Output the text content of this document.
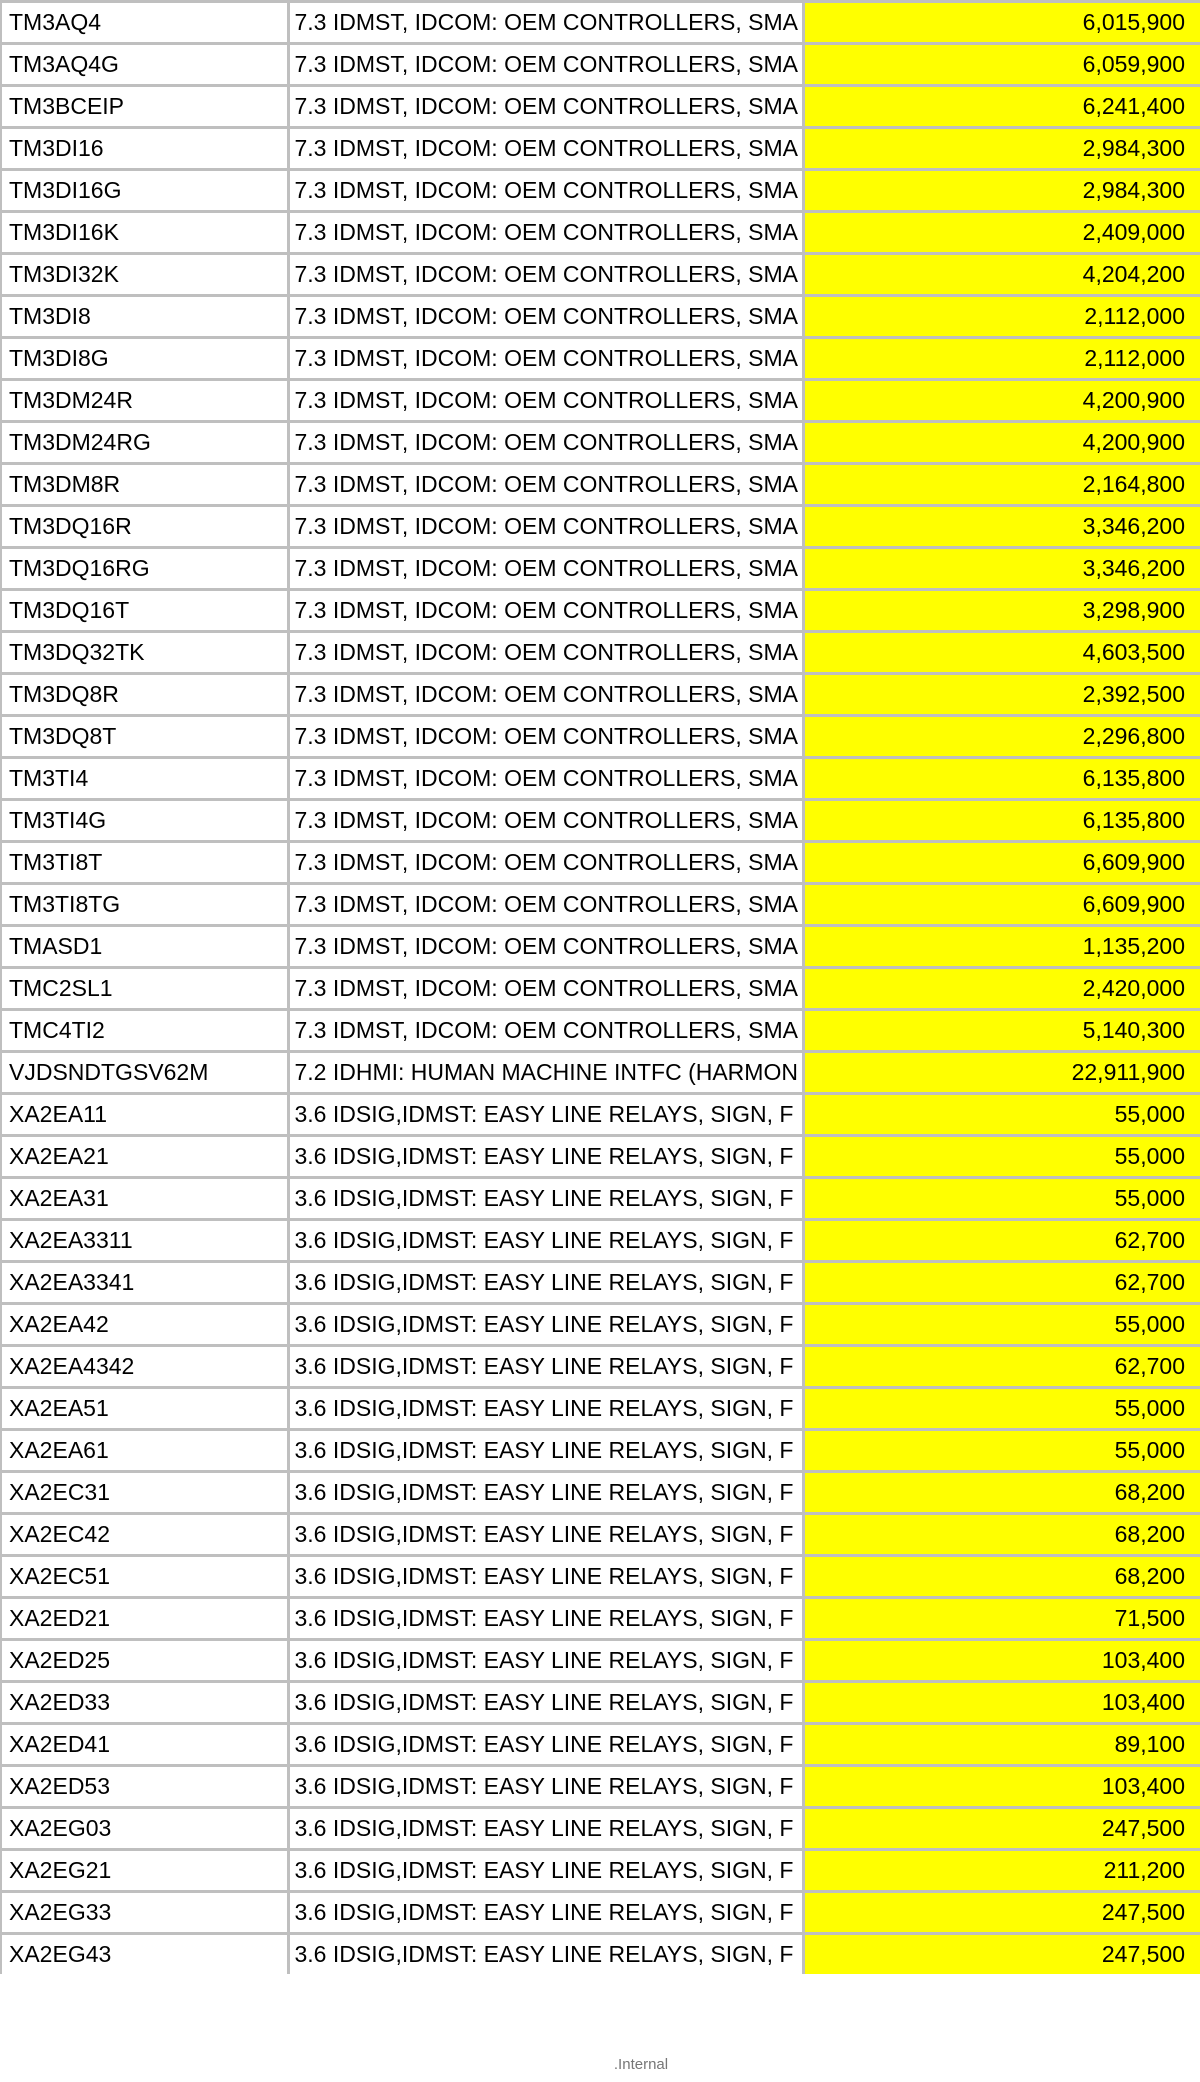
TM3AQ4	7.3 IDMST, IDCOM: OEM CONTROLLERS, SMA	6,015,900
TM3AQ4G	7.3 IDMST, IDCOM: OEM CONTROLLERS, SMA	6,059,900
TM3BCEIP	7.3 IDMST, IDCOM: OEM CONTROLLERS, SMA	6,241,400
TM3DI16	7.3 IDMST, IDCOM: OEM CONTROLLERS, SMA	2,984,300
TM3DI16G	7.3 IDMST, IDCOM: OEM CONTROLLERS, SMA	2,984,300
TM3DI16K	7.3 IDMST, IDCOM: OEM CONTROLLERS, SMA	2,409,000
TM3DI32K	7.3 IDMST, IDCOM: OEM CONTROLLERS, SMA	4,204,200
TM3DI8	7.3 IDMST, IDCOM: OEM CONTROLLERS, SMA	2,112,000
TM3DI8G	7.3 IDMST, IDCOM: OEM CONTROLLERS, SMA	2,112,000
TM3DM24R	7.3 IDMST, IDCOM: OEM CONTROLLERS, SMA	4,200,900
TM3DM24RG	7.3 IDMST, IDCOM: OEM CONTROLLERS, SMA	4,200,900
TM3DM8R	7.3 IDMST, IDCOM: OEM CONTROLLERS, SMA	2,164,800
TM3DQ16R	7.3 IDMST, IDCOM: OEM CONTROLLERS, SMA	3,346,200
TM3DQ16RG	7.3 IDMST, IDCOM: OEM CONTROLLERS, SMA	3,346,200
TM3DQ16T	7.3 IDMST, IDCOM: OEM CONTROLLERS, SMA	3,298,900
TM3DQ32TK	7.3 IDMST, IDCOM: OEM CONTROLLERS, SMA	4,603,500
TM3DQ8R	7.3 IDMST, IDCOM: OEM CONTROLLERS, SMA	2,392,500
TM3DQ8T	7.3 IDMST, IDCOM: OEM CONTROLLERS, SMA	2,296,800
TM3TI4	7.3 IDMST, IDCOM: OEM CONTROLLERS, SMA	6,135,800
TM3TI4G	7.3 IDMST, IDCOM: OEM CONTROLLERS, SMA	6,135,800
TM3TI8T	7.3 IDMST, IDCOM: OEM CONTROLLERS, SMA	6,609,900
TM3TI8TG	7.3 IDMST, IDCOM: OEM CONTROLLERS, SMA	6,609,900
TMASD1	7.3 IDMST, IDCOM: OEM CONTROLLERS, SMA	1,135,200
TMC2SL1	7.3 IDMST, IDCOM: OEM CONTROLLERS, SMA	2,420,000
TMC4TI2	7.3 IDMST, IDCOM: OEM CONTROLLERS, SMA	5,140,300
VJDSNDTGSV62M	7.2 IDHMI: HUMAN MACHINE INTFC (HARMON	22,911,900
XA2EA11	3.6 IDSIG,IDMST: EASY LINE RELAYS, SIGN, F	55,000
XA2EA21	3.6 IDSIG,IDMST: EASY LINE RELAYS, SIGN, F	55,000
XA2EA31	3.6 IDSIG,IDMST: EASY LINE RELAYS, SIGN, F	55,000
XA2EA3311	3.6 IDSIG,IDMST: EASY LINE RELAYS, SIGN, F	62,700
XA2EA3341	3.6 IDSIG,IDMST: EASY LINE RELAYS, SIGN, F	62,700
XA2EA42	3.6 IDSIG,IDMST: EASY LINE RELAYS, SIGN, F	55,000
XA2EA4342	3.6 IDSIG,IDMST: EASY LINE RELAYS, SIGN, F	62,700
XA2EA51	3.6 IDSIG,IDMST: EASY LINE RELAYS, SIGN, F	55,000
XA2EA61	3.6 IDSIG,IDMST: EASY LINE RELAYS, SIGN, F	55,000
XA2EC31	3.6 IDSIG,IDMST: EASY LINE RELAYS, SIGN, F	68,200
XA2EC42	3.6 IDSIG,IDMST: EASY LINE RELAYS, SIGN, F	68,200
XA2EC51	3.6 IDSIG,IDMST: EASY LINE RELAYS, SIGN, F	68,200
XA2ED21	3.6 IDSIG,IDMST: EASY LINE RELAYS, SIGN, F	71,500
XA2ED25	3.6 IDSIG,IDMST: EASY LINE RELAYS, SIGN, F	103,400
XA2ED33	3.6 IDSIG,IDMST: EASY LINE RELAYS, SIGN, F	103,400
XA2ED41	3.6 IDSIG,IDMST: EASY LINE RELAYS, SIGN, F	89,100
XA2ED53	3.6 IDSIG,IDMST: EASY LINE RELAYS, SIGN, F	103,400
XA2EG03	3.6 IDSIG,IDMST: EASY LINE RELAYS, SIGN, F	247,500
XA2EG21	3.6 IDSIG,IDMST: EASY LINE RELAYS, SIGN, F	211,200
XA2EG33	3.6 IDSIG,IDMST: EASY LINE RELAYS, SIGN, F	247,500
XA2EG43	3.6 IDSIG,IDMST: EASY LINE RELAYS, SIGN, F	247,500
.Internal
